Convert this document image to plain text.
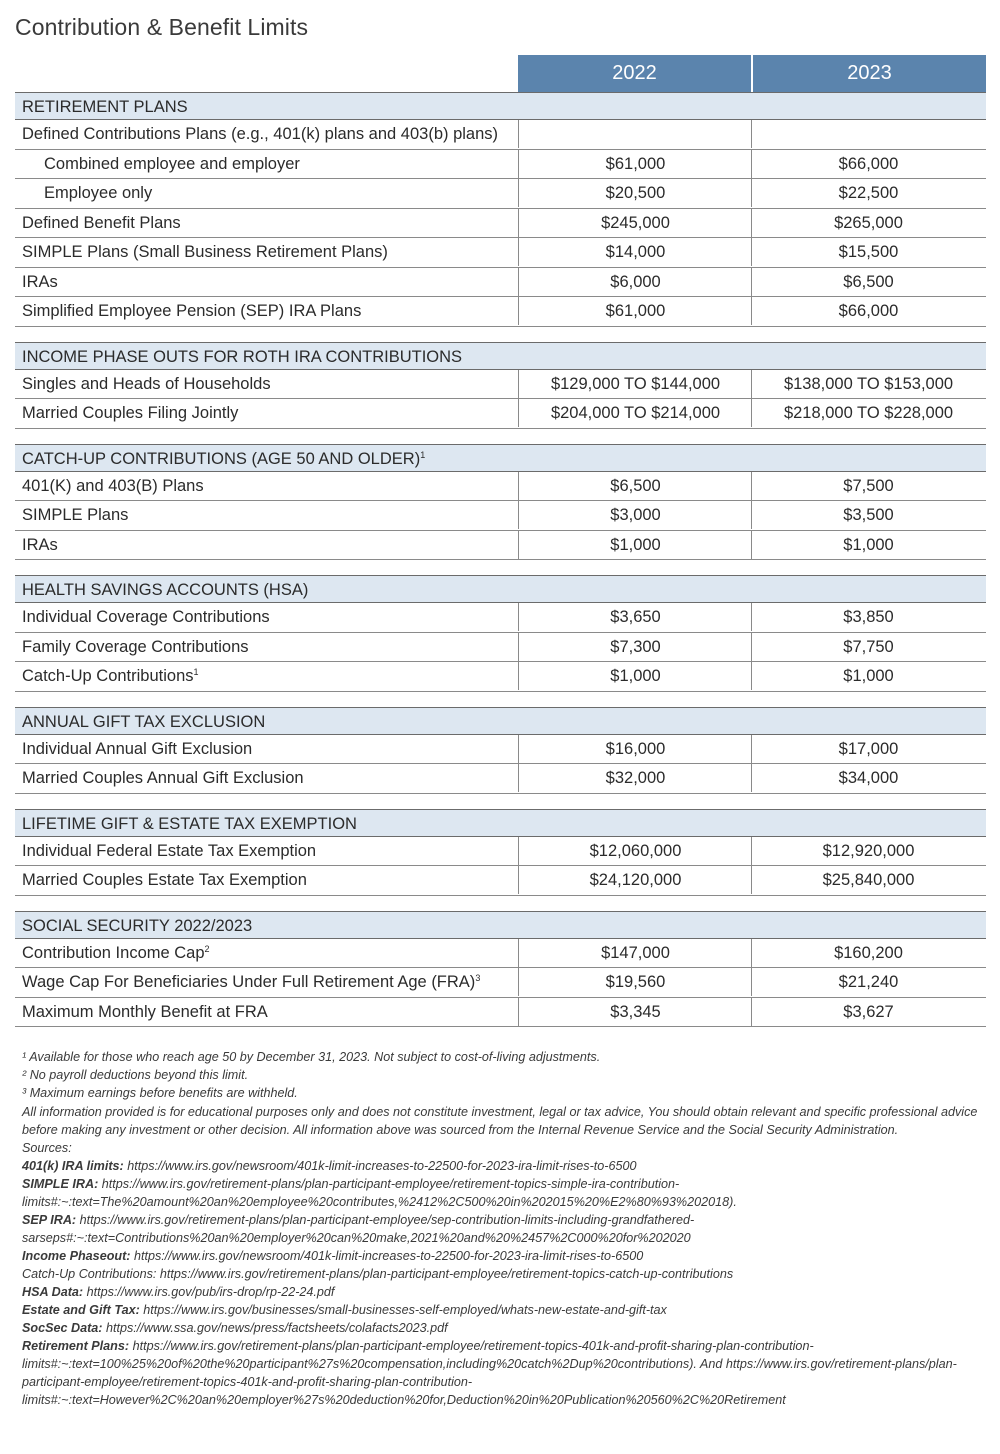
Contribution & Benefit Limits
2022	2023
RETIREMENT PLANS
Defined Contributions Plans (e.g., 401(k) plans and 403(b) plans)
Combined employee and employer	$61,000	$66,000
Employee only	$20,500	$22,500
Defined Benefit Plans	$245,000	$265,000
SIMPLE Plans (Small Business Retirement Plans)	$14,000	$15,500
IRAs	$6,000	$6,500
Simplified Employee Pension (SEP) IRA Plans	$61,000	$66,000
INCOME PHASE OUTS FOR ROTH IRA CONTRIBUTIONS
Singles and Heads of Households	$129,000 TO $144,000	$138,000 TO $153,000
Married Couples Filing Jointly	$204,000 TO $214,000	$218,000 TO $228,000
CATCH-UP CONTRIBUTIONS (AGE 50 AND OLDER)$^1$
401(K) and 403(B) Plans	$6,500	$7,500
SIMPLE Plans	$3,000	$3,500
IRAs	$1,000	$1,000
HEALTH SAVINGS ACCOUNTS (HSA)
Individual Coverage Contributions	$3,650	$3,850
Family Coverage Contributions	$7,300	$7,750
Catch-Up Contributions$^1$	$1,000	$1,000
ANNUAL GIFT TAX EXCLUSION
Individual Annual Gift Exclusion	$16,000	$17,000
Married Couples Annual Gift Exclusion	$32,000	$34,000
LIFETIME GIFT & ESTATE TAX EXEMPTION
Individual Federal Estate Tax Exemption	$12,060,000	$12,920,000
Married Couples Estate Tax Exemption	$24,120,000	$25,840,000
SOCIAL SECURITY 2022/2023
Contribution Income Cap$^2$	$147,000	$160,200
Wage Cap For Beneficiaries Under Full Retirement Age (FRA)$^3$	$19,560	$21,240
Maximum Monthly Benefit at FRA	$3,345	$3,627

¹ Available for those who reach age 50 by December 31, 2023. Not subject to cost-of-living adjustments.

² No payroll deductions beyond this limit.

³ Maximum earnings before benefits are withheld.

All information provided is for educational purposes only and does not constitute investment, legal or tax advice, You should obtain relevant and specific professional advice before making any investment or other decision. All information above was sourced from the Internal Revenue Service and the Social Security Administration.

Sources:

401(k) IRA limits: https://www.irs.gov/newsroom/401k-limit-increases-to-22500-for-2023-ira-limit-rises-to-6500

SIMPLE IRA: https://www.irs.gov/retirement-plans/plan-participant-employee/retirement-topics-simple-ira-contribution-limits#:~:text=The%20amount%20an%20employee%20contributes,%2412%2C500%20in%202015%20%E2%80%93%202018).

SEP IRA: https://www.irs.gov/retirement-plans/plan-participant-employee/sep-contribution-limits-including-grandfathered-sarseps#:~:text=Contributions%20an%20employer%20can%20make,2021%20and%20%2457%2C000%20for%202020

Income Phaseout: https://www.irs.gov/newsroom/401k-limit-increases-to-22500-for-2023-ira-limit-rises-to-6500

Catch-Up Contributions: https://www.irs.gov/retirement-plans/plan-participant-employee/retirement-topics-catch-up-contributions

HSA Data: https://www.irs.gov/pub/irs-drop/rp-22-24.pdf

Estate and Gift Tax: https://www.irs.gov/businesses/small-businesses-self-employed/whats-new-estate-and-gift-tax

SocSec Data: https://www.ssa.gov/news/press/factsheets/colafacts2023.pdf

Retirement Plans: https://www.irs.gov/retirement-plans/plan-participant-employee/retirement-topics-401k-and-profit-sharing-plan-contribution-limits#:~:text=100%25%20of%20the%20participant%27s%20compensation,including%20catch%2Dup%20contributions). And https://www.irs.gov/retirement-plans/plan-participant-employee/retirement-topics-401k-and-profit-sharing-plan-contribution-limits#:~:text=However%2C%20an%20employer%27s%20deduction%20for,Deduction%20in%20Publication%20560%2C%20Retirement
